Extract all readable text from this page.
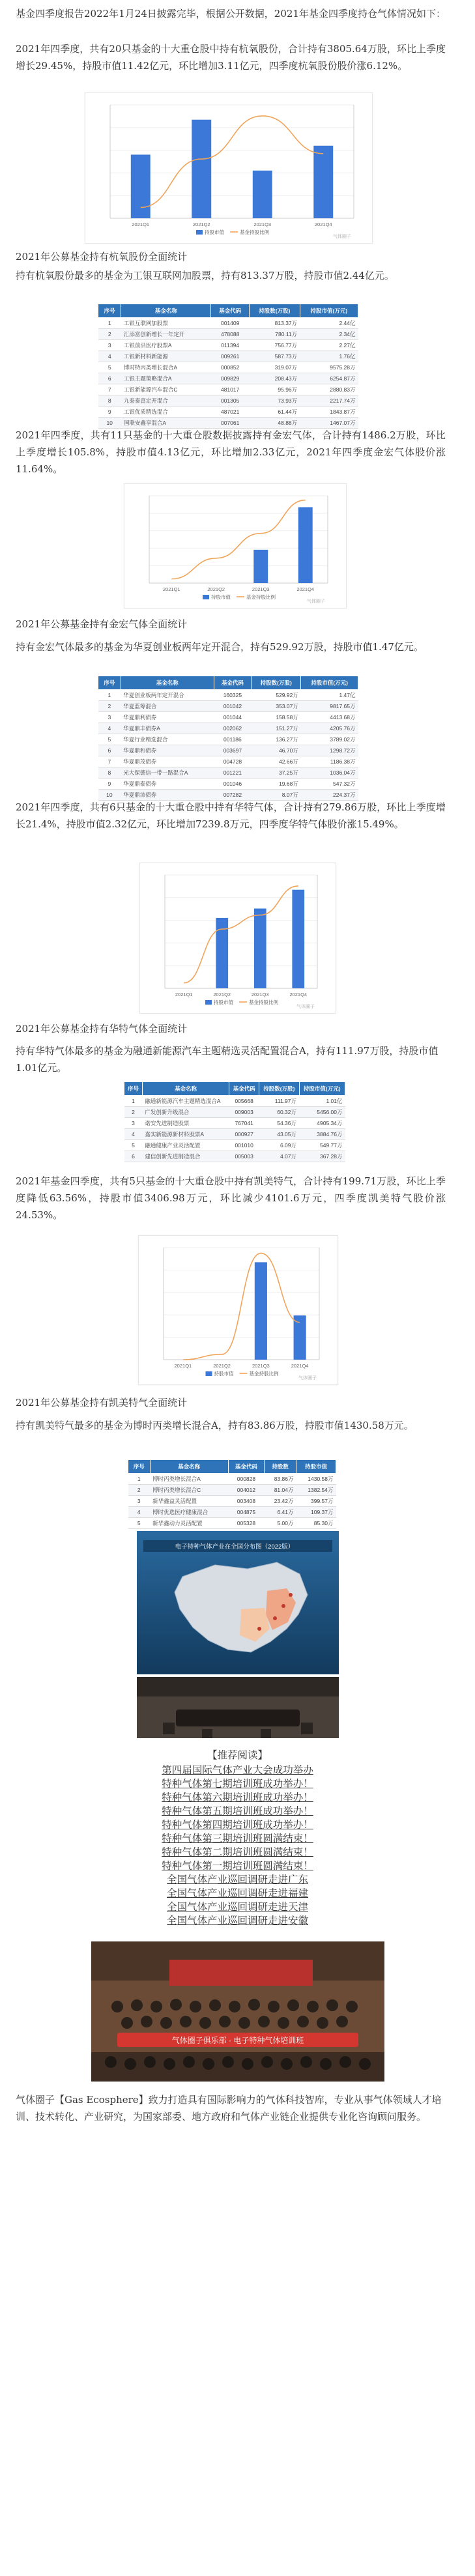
基金四季度报告2022年1月24日披露完毕，根据公开数据，2021年基金四季度持仓气体情况如下：
2021年四季度，共有20只基金的十大重仓股中持有杭氧股份，合计持有3805.64万股，环比上季度增长29.45%，持股市值11.42亿元，环比增加3.11亿元，四季度杭氧股份股价涨6.12%。
2021Q1	2021Q2	2021Q3	2021Q4
持股市值	基金持股比例
气体圈子
2021年公募基金持有杭氧股份全面统计
持有杭氧股份最多的基金为工银互联网加股票，持有813.37万股，持股市值2.44亿元。
序号	基金名称	基金代码	持股数(万股)	持股市值(万元)
1	工银互联网加股票	001409	813.37万	2.44亿
2	汇添富创新增长一年定开	478088	780.11万	2.34亿
3	工银前沿医疗股票A	011394	756.77万	2.27亿
4	工银新材料新能源	009261	587.73万	1.76亿
5	博时特丙类增长混合A	000852	319.07万	9575.28万
6	工银主题策略混合A	009829	208.43万	6254.87万
7	工银新能源汽车混合C	481017	95.96万	2880.83万
8	九泰泰富定开混合	001305	73.93万	2217.74万
9	工银优质精选混合	487021	61.44万	1843.87万
10	国联安鑫享混合A	007061	48.88万	1467.07万
2021年四季度，共有11只基金的十大重仓股数据披露持有金宏气体，合计持有1486.2万股，环比上季度增长105.8%，持股市值4.13亿元，环比增加2.33亿元，2021年四季度金宏气体股价涨11.64%。
2021Q1	2021Q2	2021Q3	2021Q4
持股市值	基金持股比例
气体圈子
2021年公募基金持有金宏气体全面统计
持有金宏气体最多的基金为华夏创业板两年定开混合，持有529.92万股，持股市值1.47亿元。
序号	基金名称	基金代码	持股数(万股)	持股市值(万元)
1	华夏创业板两年定开混合	160325	529.92万	1.47亿
2	华夏蓝筹混合	001042	353.07万	9817.65万
3	华夏鼎利债券	001044	158.58万	4413.68万
4	华夏鼎丰债券A	002062	151.27万	4205.76万
5	华夏行业精选混合	001186	136.27万	3789.02万
6	华夏鼎和债券	003697	46.70万	1298.72万
7	华夏鼎茂债券	004728	42.66万	1186.38万
8	光大保德信一带一路混合A	001221	37.25万	1036.04万
9	华夏鼎泰债券	001046	19.68万	547.32万
10	华夏鼎沛债券	007282	8.07万	224.37万
2021年四季度，共有6只基金的十大重仓股中持有华特气体，合计持有279.86万股，环比上季度增长21.4%，持股市值2.32亿元，环比增加7239.8万元，四季度华特气体股价涨15.49%。
2021Q1	2021Q2	2021Q3	2021Q4
持股市值	基金持股比例
气体圈子
2021年公募基金持有华特气体全面统计
持有华特气体最多的基金为融通新能源汽车主题精选灵活配置混合A，持有111.97万股，持股市值1.01亿元。
序号	基金名称	基金代码	持股数(万股)	持股市值(万元)
1	融通新能源汽车主题精选混合A	005668	111.97万	1.01亿
2	广发创新升级混合	009003	60.32万	5456.00万
3	诺安先进制造股票	767041	54.36万	4905.34万
4	嘉实新能源新材料股票A	000927	43.05万	3884.76万
5	融通健康产业灵活配置	001010	6.09万	549.77万
6	建信创新先进制造混合	005003	4.07万	367.28万
2021年基金四季度，共有5只基金的十大重仓股中持有凯美特气，合计持有199.71万股，环比上季度降低63.56%，持股市值3406.98万元，环比减少4101.6万元，四季度凯美特气股价涨24.53%。
2021Q1	2021Q2	2021Q3	2021Q4
持股市值	基金持股比例
气体圈子
2021年公募基金持有凯美特气全面统计
持有凯美特气最多的基金为博时丙类增长混合A，持有83.86万股，持股市值1430.58万元。
序号	基金名称	基金代码	持股数	持股市值
1	博时丙类增长混合A	000828	83.86万	1430.58万
2	博时丙类增长混合C	004012	81.04万	1382.54万
3	新华鑫益灵活配置	003408	23.42万	399.57万
4	博时优选医疗健康混合	004875	6.41万	109.37万
5	新华鑫动力灵活配置	005328	5.00万	85.30万
电子特种气体产业在全国分布图（2022版）
【推荐阅读】
第四届国际气体产业大会成功举办
特种气体第七期培训班成功举办！
特种气体第六期培训班成功举办！
特种气体第五期培训班成功举办！
特种气体第四期培训班成功举办！
特种气体第三期培训班圆满结束！
特种气体第二期培训班圆满结束！
特种气体第一期培训班圆满结束！
全国气体产业巡回调研走进广东
全国气体产业巡回调研走进福建
全国气体产业巡回调研走进天津
全国气体产业巡回调研走进安徽
气体圈子俱乐部 · 电子特种气体培训班
气体圈子【Gas Ecosphere】致力打造具有国际影响力的气体科技智库，专业从事气体领域人才培训、技术转化、产业研究，为国家部委、地方政府和气体产业链企业提供专业化咨询顾问服务。
